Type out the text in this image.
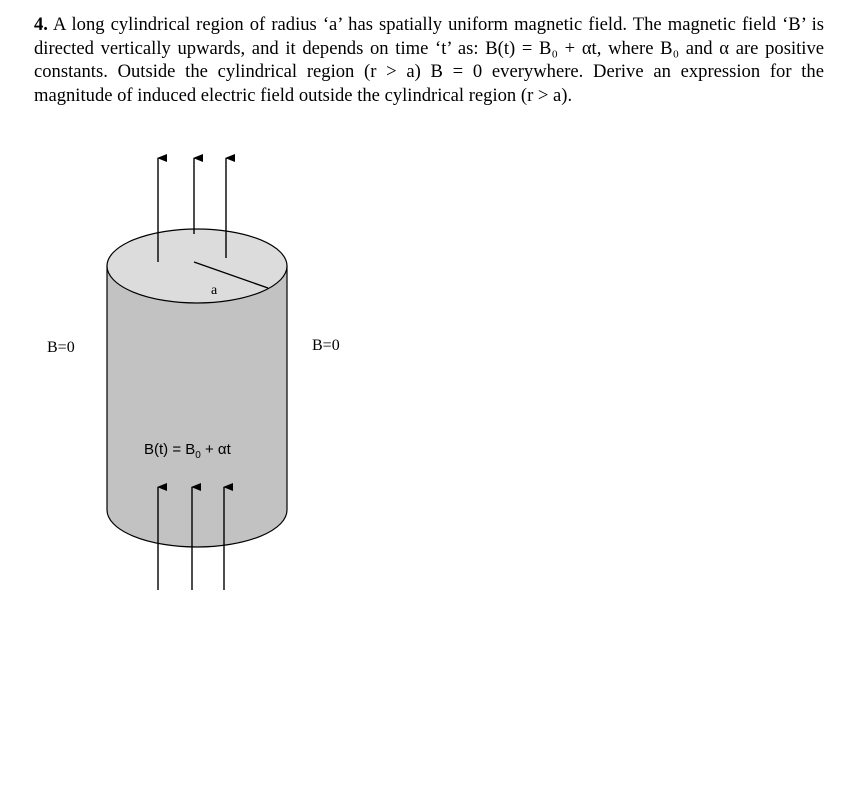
4. A long cylindrical region of radius ‘a’ has spatially uniform magnetic field. The magnetic field ‘B’ is directed vertically upwards, and it depends on time ‘t’ as: B(t) = B₀ + αt, where B₀ and α are positive constants. Outside the cylindrical region (r > a) B = 0 everywhere. Derive an expression for the magnitude of induced electric field outside the cylindrical region (r > a).
a
B=0	B=0
$B(t) = B_0 + \alpha t$
